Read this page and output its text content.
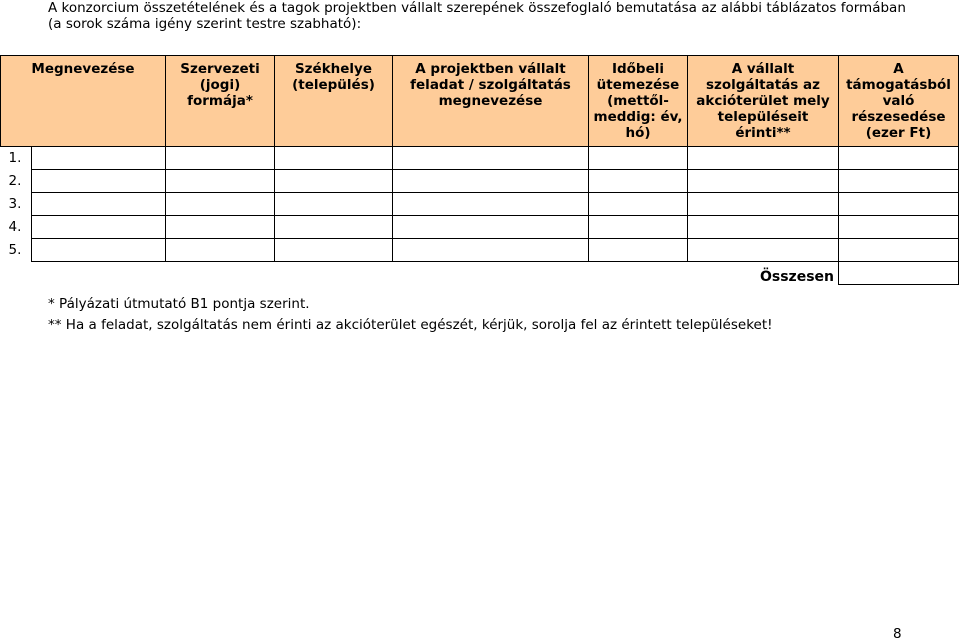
A konzorcium összetételének és a tagok projektben vállalt szerepének összefoglaló bemutatása az alábbi táblázatos formában
(a sorok száma igény szerint testre szabható):
Megnevezése		Szervezeti (jogi) formája*	Székhelye (település)	A projektben vállalt feladat / szolgáltatás megnevezése	Időbeli ütemezése (mettől-meddig: év, hó)	A vállalt szolgáltatás az akcióterület mely településeit érinti**	A támogatásból való részesedése (ezer Ft)
1.							
2.							
3.							
4.							
5.							
						Összesen	
* Pályázati útmutató B1 pontja szerint.
** Ha a feladat, szolgáltatás nem érinti az akcióterület egészét, kérjük, sorolja fel az érintett településeket!
8
